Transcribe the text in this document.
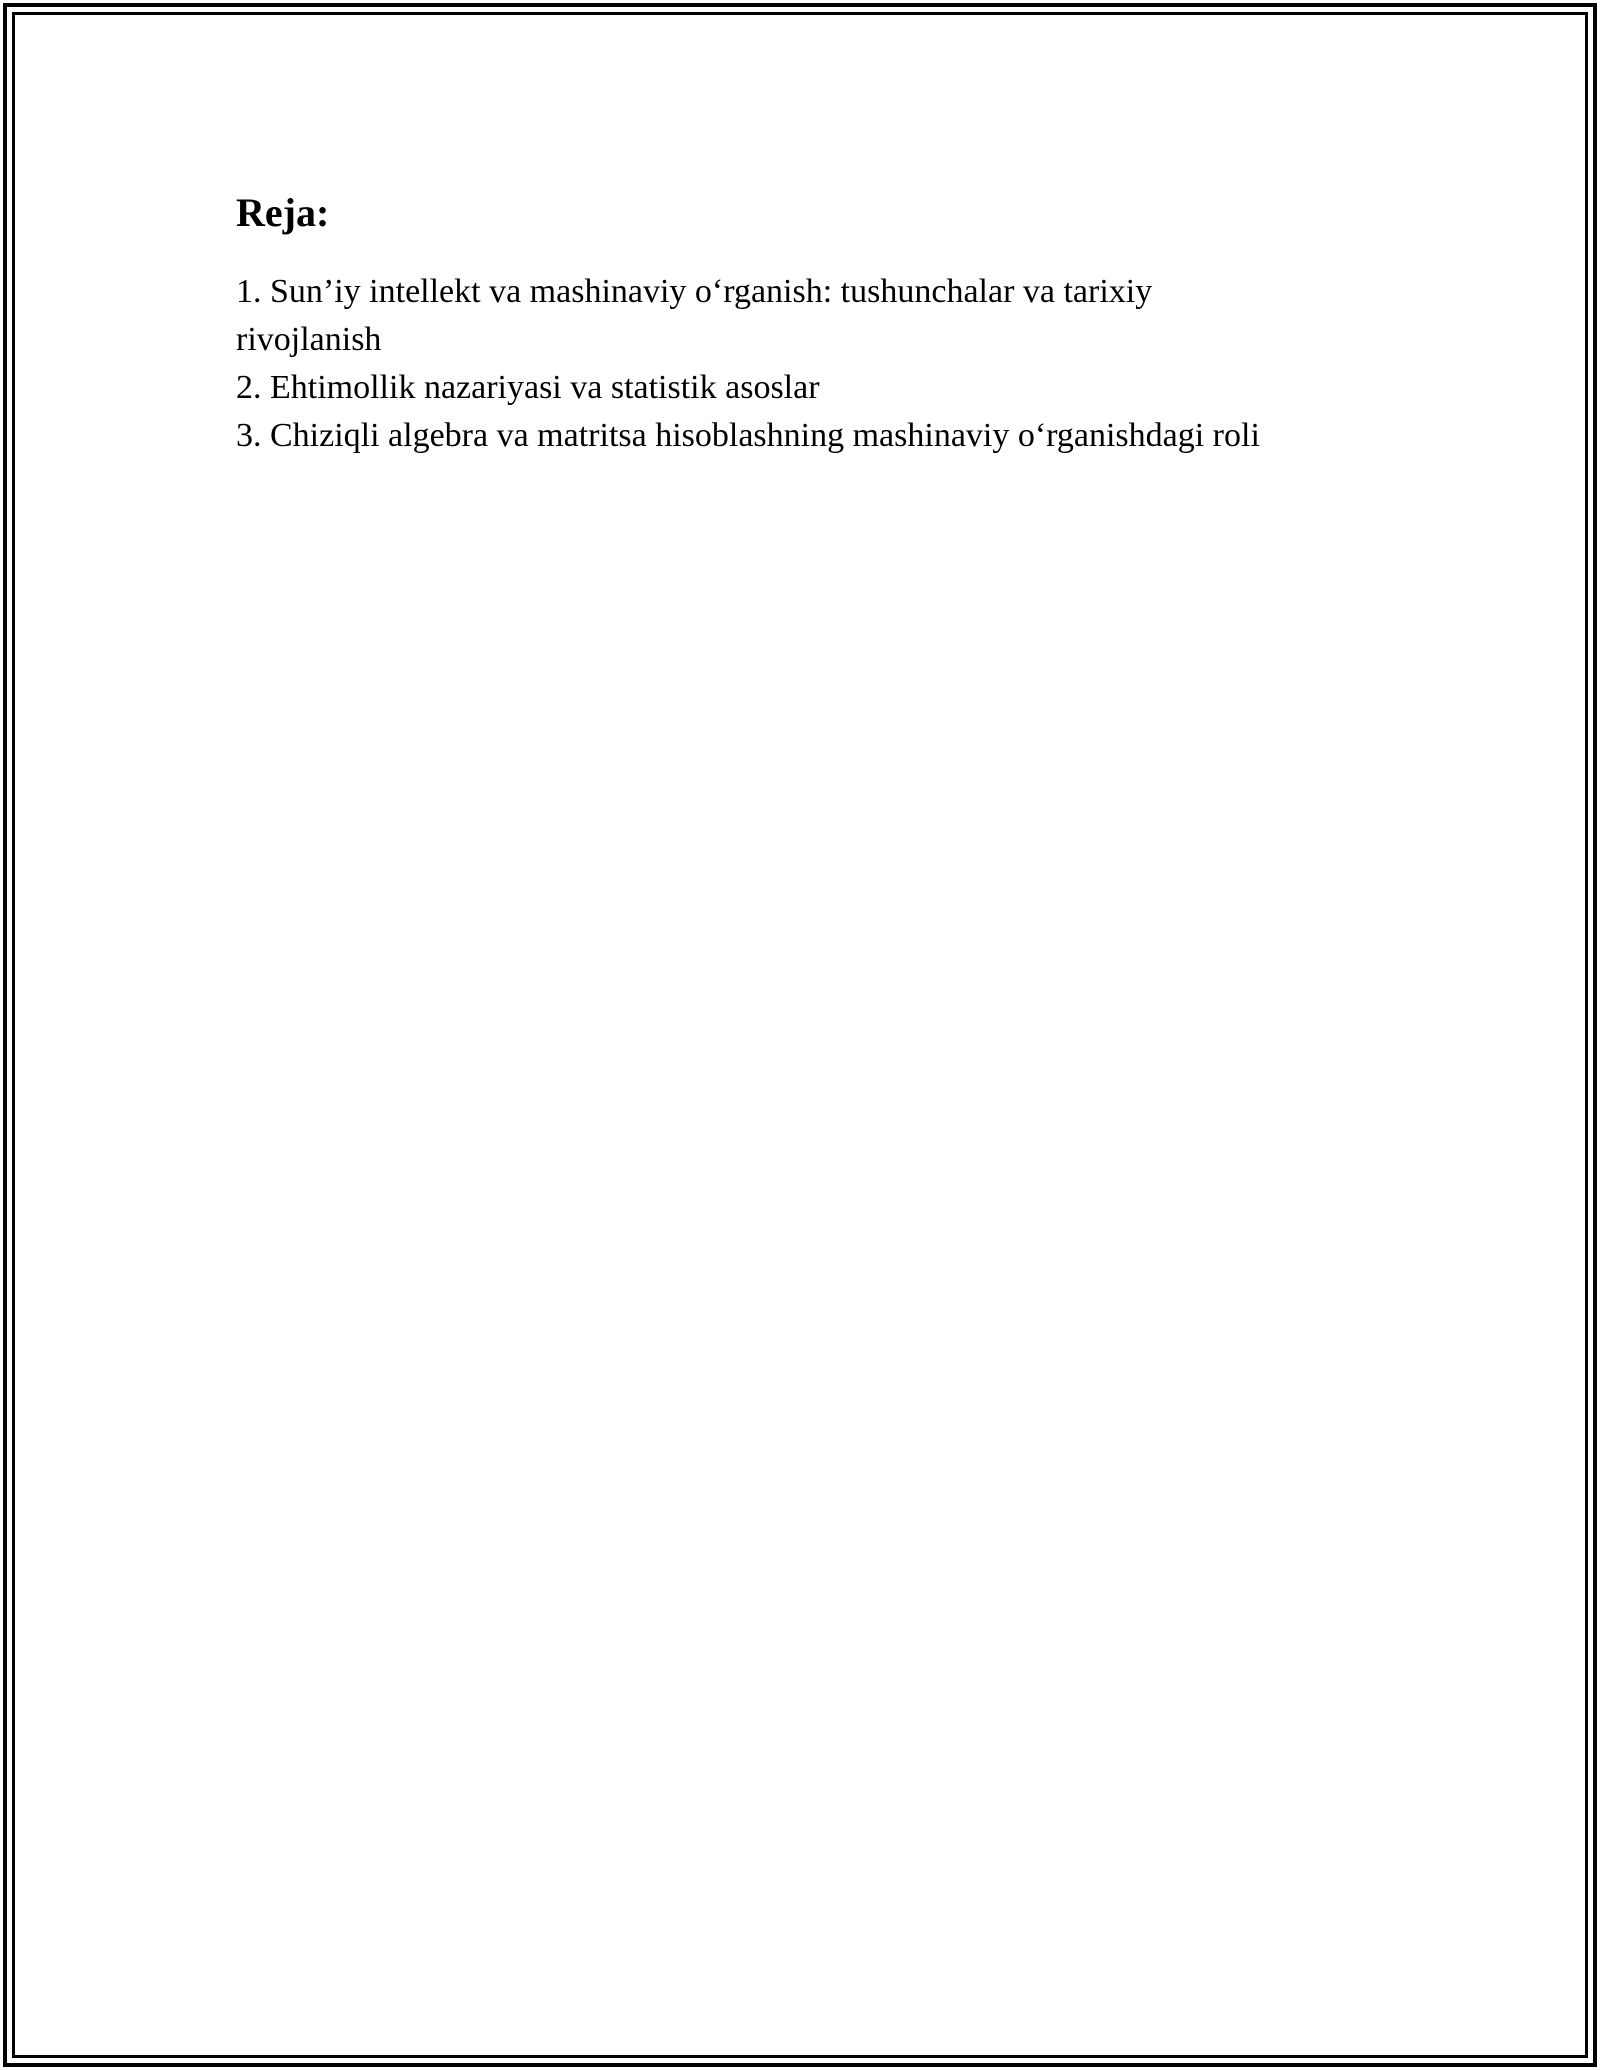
Reja:
1. Sun’iy intellekt va mashinaviy o‘rganish: tushunchalar va tarixiy rivojlanish
2. Ehtimollik nazariyasi va statistik asoslar
3. Chiziqli algebra va matritsa hisoblashning mashinaviy o‘rganishdagi roli
